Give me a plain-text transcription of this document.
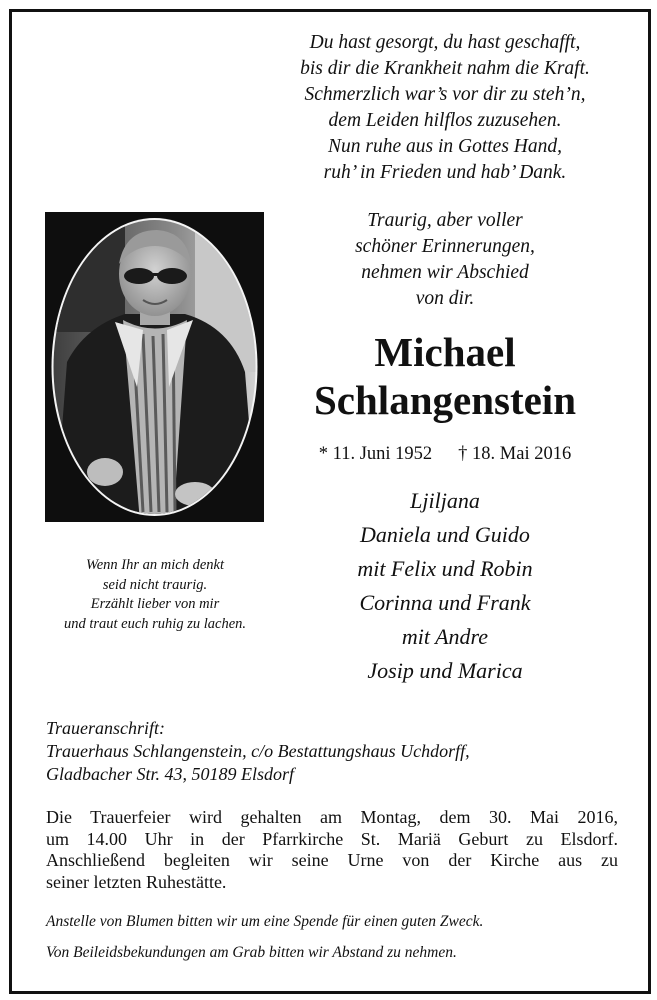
Du hast gesorgt, du hast geschafft,
bis dir die Krankheit nahm die Kraft.
Schmerzlich war’s vor dir zu steh’n,
dem Leiden hilflos zuzusehen.
Nun ruhe aus in Gottes Hand,
ruh’ in Frieden und hab’ Dank.
Traurig, aber voller
schöner Erinnerungen,
nehmen wir Abschied
von dir.
Michael
Schlangenstein
* 11. Juni 1952 † 18. Mai 2016
Ljiljana
Daniela und Guido
mit Felix und Robin
Corinna und Frank
mit Andre
Josip und Marica
Wenn Ihr an mich denkt
seid nicht traurig.
Erzählt lieber von mir
und traut euch ruhig zu lachen.
Traueranschrift:
Trauerhaus Schlangenstein, c/o Bestattungshaus Uchdorff,
Gladbacher Str. 43, 50189 Elsdorf
Die Trauerfeier wird gehalten am Montag, dem 30. Mai 2016,
um 14.00 Uhr in der Pfarrkirche St. Mariä Geburt zu Elsdorf.
Anschließend begleiten wir seine Urne von der Kirche aus zu
seiner letzten Ruhestätte.
Anstelle von Blumen bitten wir um eine Spende für einen guten Zweck.
Von Beileidsbekundungen am Grab bitten wir Abstand zu nehmen.
